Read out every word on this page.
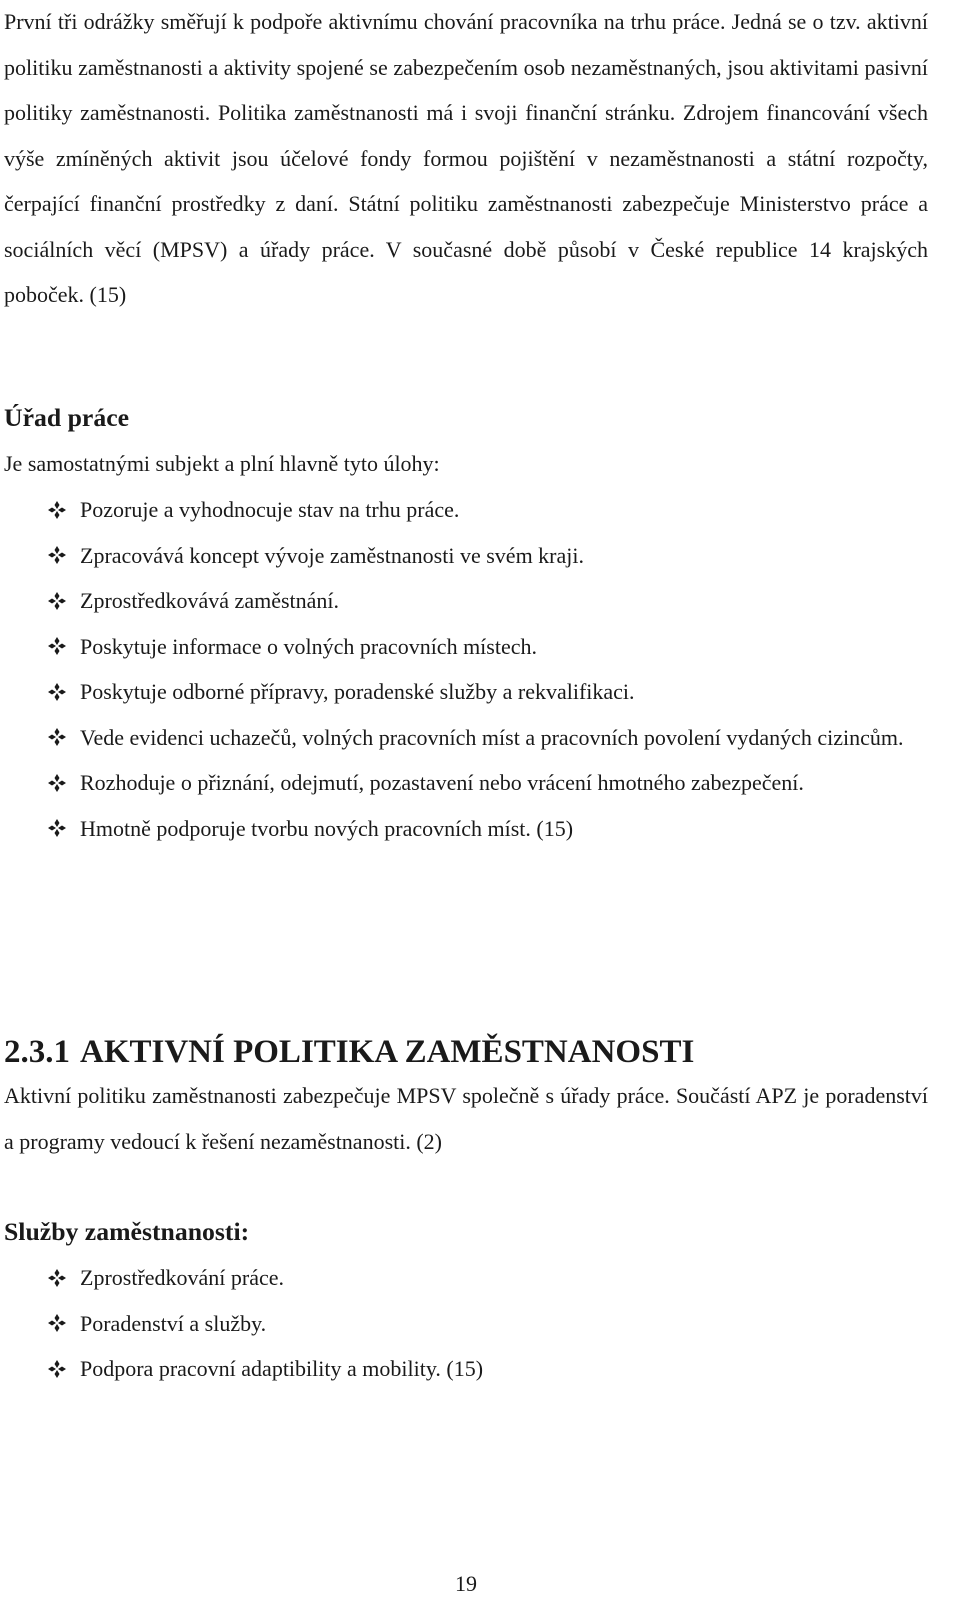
První tři odrážky směřují k podpoře aktivnímu chování pracovníka na trhu práce. Jedná se o tzv. aktivní politiku zaměstnanosti a aktivity spojené se zabezpečením osob nezaměstnaných, jsou aktivitami pasivní politiky zaměstnanosti. Politika zaměstnanosti má i svoji finanční stránku. Zdrojem financování všech výše zmíněných aktivit jsou účelové fondy formou pojištění v nezaměstnanosti a státní rozpočty, čerpající finanční prostředky z daní. Státní politiku zaměstnanosti zabezpečuje Ministerstvo práce a sociálních věcí (MPSV) a úřady práce. V současné době působí v České republice 14 krajských poboček. (15)

Úřad práce

Je samostatnými subjekt a plní hlavně tyto úlohy:

Pozoruje a vyhodnocuje stav na trhu práce.
Zpracovává koncept vývoje zaměstnanosti ve svém kraji.
Zprostředkovává zaměstnání.
Poskytuje informace o volných pracovních místech.
Poskytuje odborné přípravy, poradenské služby a rekvalifikaci.
Vede evidenci uchazečů, volných pracovních míst a pracovních povolení vydaných cizincům.
Rozhoduje o přiznání, odejmutí, pozastavení nebo vrácení hmotného zabezpečení.
Hmotně podporuje tvorbu nových pracovních míst. (15)
2.3.1 AKTIVNÍ POLITIKA ZAMĚSTNANOSTI

Aktivní politiku zaměstnanosti zabezpečuje MPSV společně s úřady práce. Součástí APZ je poradenství a programy vedoucí k řešení nezaměstnanosti. (2)

Služby zaměstnanosti:
Zprostředkování práce.
Poradenství a služby.
Podpora pracovní adaptibility a mobility. (15)
19
